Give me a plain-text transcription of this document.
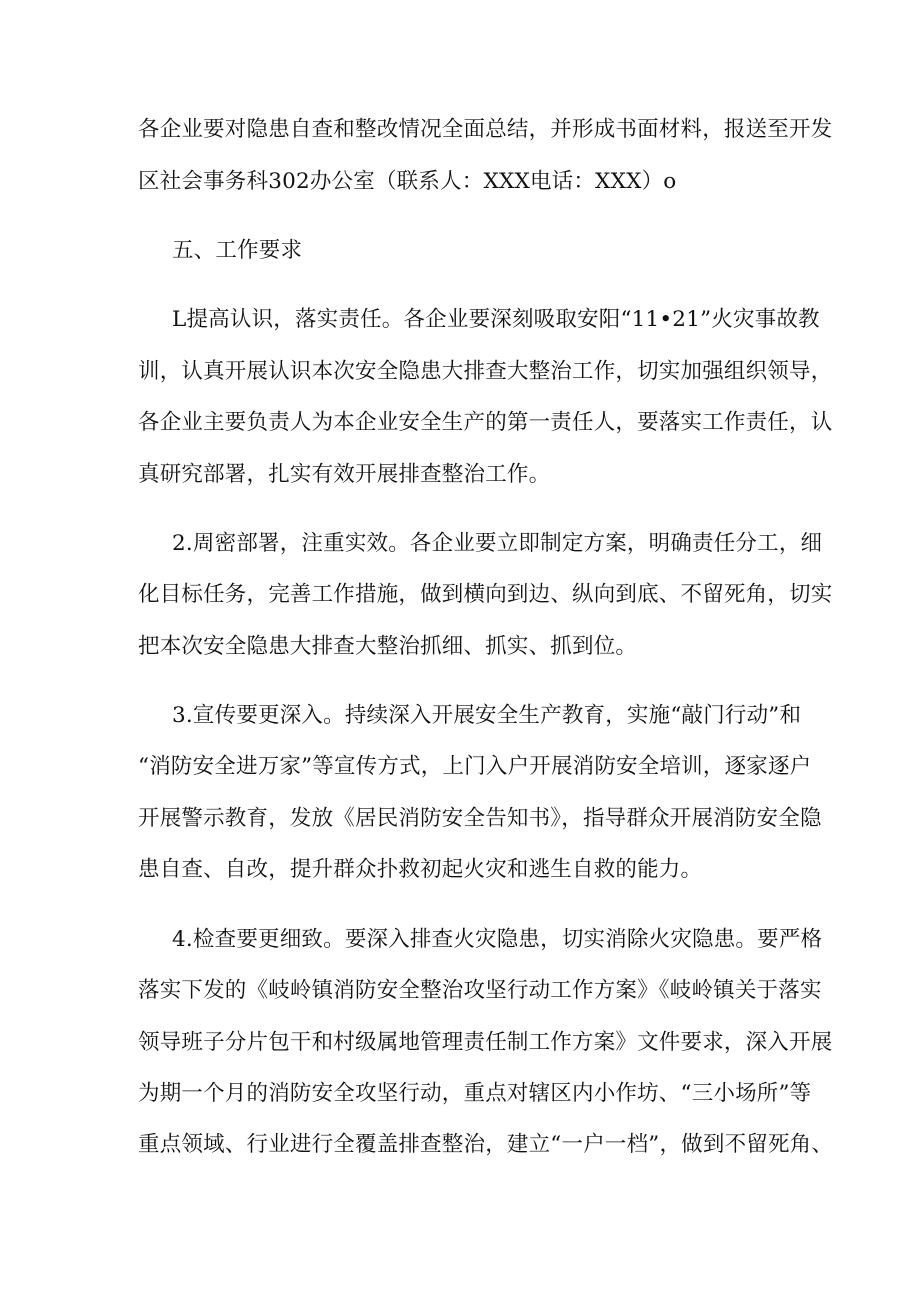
各企业要对隐患自查和整改情况全面总结，并形成书面材料，报送至开发
区社会事务科302办公室（联系人：XXX电话：XXX）o
五、工作要求
L提高认识，落实责任。各企业要深刻吸取安阳“11•21”火灾事故教
训，认真开展认识本次安全隐患大排查大整治工作，切实加强组织领导，
各企业主要负责人为本企业安全生产的第一责任人，要落实工作责任，认
真研究部署，扎实有效开展排查整治工作。
2.周密部署，注重实效。各企业要立即制定方案，明确责任分工，细
化目标任务，完善工作措施，做到横向到边、纵向到底、不留死角，切实
把本次安全隐患大排查大整治抓细、抓实、抓到位。
3.宣传要更深入。持续深入开展安全生产教育，实施“敲门行动”和
“消防安全进万家”等宣传方式，上门入户开展消防安全培训，逐家逐户
开展警示教育，发放《居民消防安全告知书》，指导群众开展消防安全隐
患自查、自改，提升群众扑救初起火灾和逃生自救的能力。
4.检查要更细致。要深入排查火灾隐患，切实消除火灾隐患。要严格
落实下发的《岐岭镇消防安全整治攻坚行动工作方案》《岐岭镇关于落实
领导班子分片包干和村级属地管理责任制工作方案》文件要求，深入开展
为期一个月的消防安全攻坚行动，重点对辖区内小作坊、“三小场所”等
重点领域、行业进行全覆盖排查整治，建立“一户一档”，做到不留死角、
